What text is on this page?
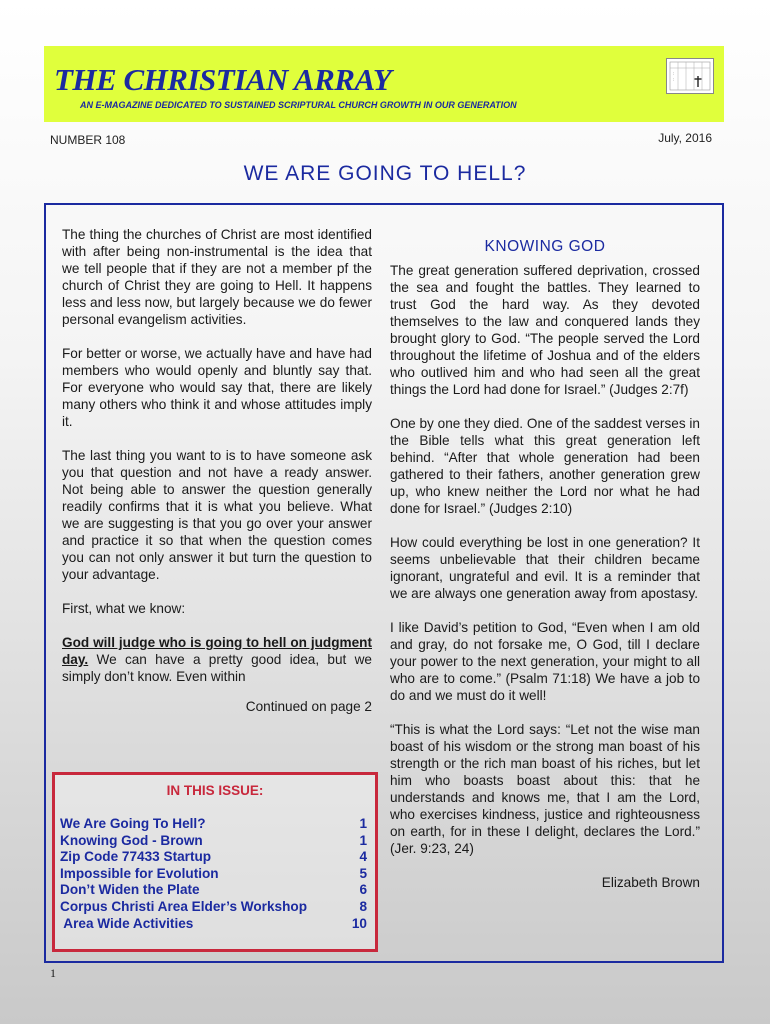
THE CHRISTIAN ARRAY
AN E-MAGAZINE DEDICATED TO SUSTAINED SCRIPTURAL CHURCH GROWTH IN OUR GENERATION
:
:
NUMBER 108	July, 2016
WE ARE GOING TO HELL?

The thing the churches of Christ are most identified with after being non-instrumental is the idea that we tell people that if they are not a member pf the church of Christ they are going to Hell. It happens less and less now, but largely because we do fewer personal evangelism activities.

For better or worse, we actually have and have had members who would openly and bluntly say that. For everyone who would say that, there are likely many others who think it and whose attitudes imply it.

The last thing you want to is to have someone ask you that question and not have a ready answer. Not being able to answer the question generally readily confirms that it is what you believe. What we are suggesting is that you go over your answer and practice it so that when the question comes you can not only answer it but turn the question to your advantage.

First, what we know:

God will judge who is going to hell on judgment day. We can have a pretty good idea, but we simply don’t know. Even within

Continued on page 2
KNOWING GOD

The great generation suffered deprivation, crossed the sea and fought the battles. They learned to trust God the hard way. As they devoted themselves to the law and conquered lands they brought glory to God. “The people served the Lord throughout the lifetime of Joshua and of the elders who outlived him and who had seen all the great things the Lord had done for Israel.” (Judges 2:7f)

One by one they died. One of the saddest verses in the Bible tells what this great generation left behind. “After that whole generation had been gathered to their fathers, another generation grew up, who knew neither the Lord nor what he had done for Israel.” (Judges 2:10)

How could everything be lost in one generation? It seems unbelievable that their children became ignorant, ungrateful and evil. It is a reminder that we are always one generation away from apostasy.

I like David’s petition to God, “Even when I am old and gray, do not forsake me, O God, till I declare your power to the next generation, your might to all who are to come.” (Psalm 71:18) We have a job to do and we must do it well!

“This is what the Lord says: “Let not the wise man boast of his wisdom or the strong man boast of his strength or the rich man boast of his riches, but let him who boasts boast about this: that he understands and knows me, that I am the Lord, who exercises kindness, justice and righteousness on earth, for in these I delight, declares the Lord.” (Jer. 9:23, 24)

Elizabeth Brown
IN THIS ISSUE:
We Are Going To Hell?	1
Knowing God - Brown	1
Zip Code 77433 Startup	4
Impossible for Evolution	5
Don’t Widen the Plate	6
Corpus Christi Area Elder’s Workshop	8
Area Wide Activities	10
1
